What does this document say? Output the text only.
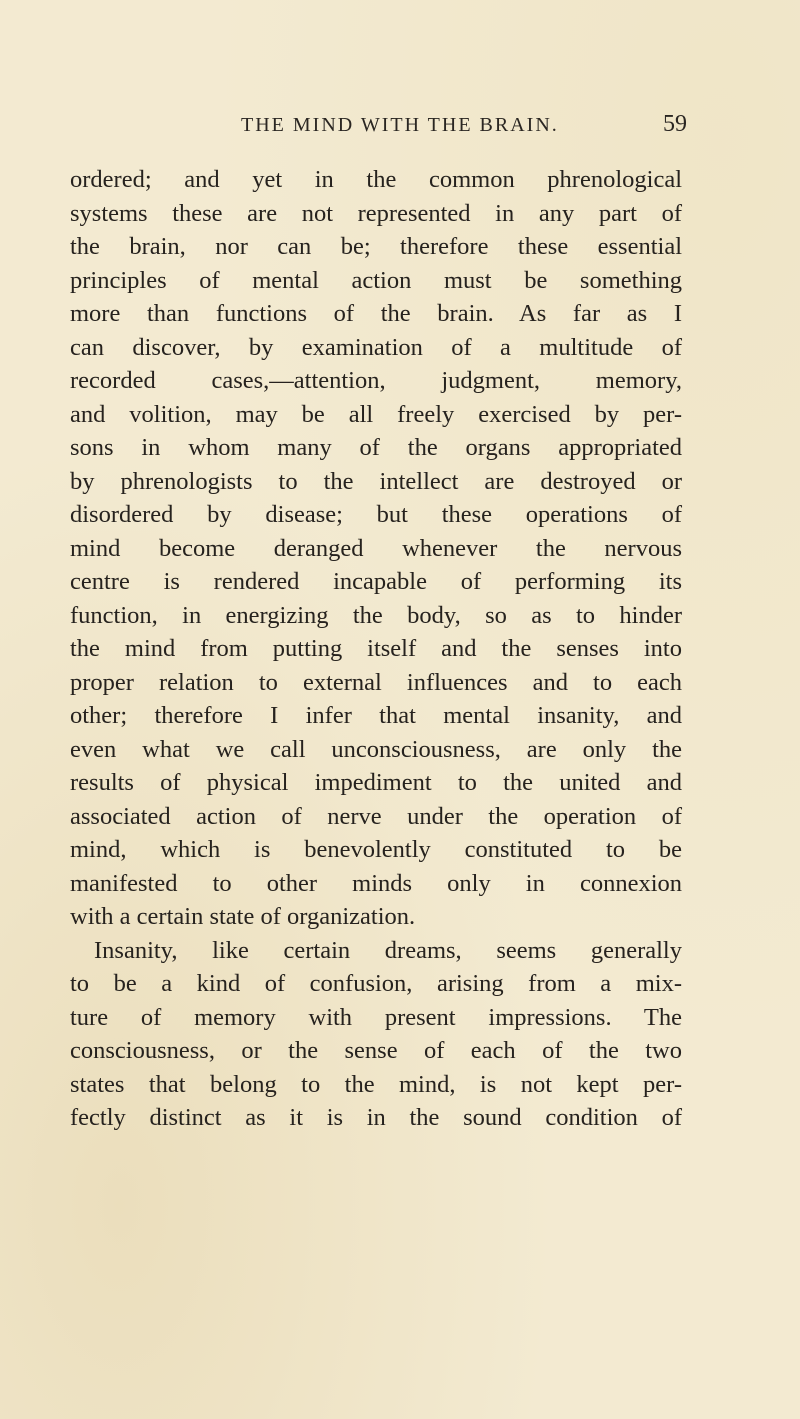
THE MIND WITH THE BRAIN.	59
ordered; and yet in the common phrenological
systems these are not represented in any part of
the brain, nor can be; therefore these essential
principles of mental action must be something
more than functions of the brain. As far as I
can discover, by examination of a multitude of
recorded cases,—attention, judgment, memory,
and volition, may be all freely exercised by per-
sons in whom many of the organs appropriated
by phrenologists to the intellect are destroyed or
disordered by disease; but these operations of
mind become deranged whenever the nervous
centre is rendered incapable of performing its
function, in energizing the body, so as to hinder
the mind from putting itself and the senses into
proper relation to external influences and to each
other; therefore I infer that mental insanity, and
even what we call unconsciousness, are only the
results of physical impediment to the united and
associated action of nerve under the operation of
mind, which is benevolently constituted to be
manifested to other minds only in connexion
with a certain state of organization.
Insanity, like certain dreams, seems generally
to be a kind of confusion, arising from a mix-
ture of memory with present impressions. The
consciousness, or the sense of each of the two
states that belong to the mind, is not kept per-
fectly distinct as it is in the sound condition of
